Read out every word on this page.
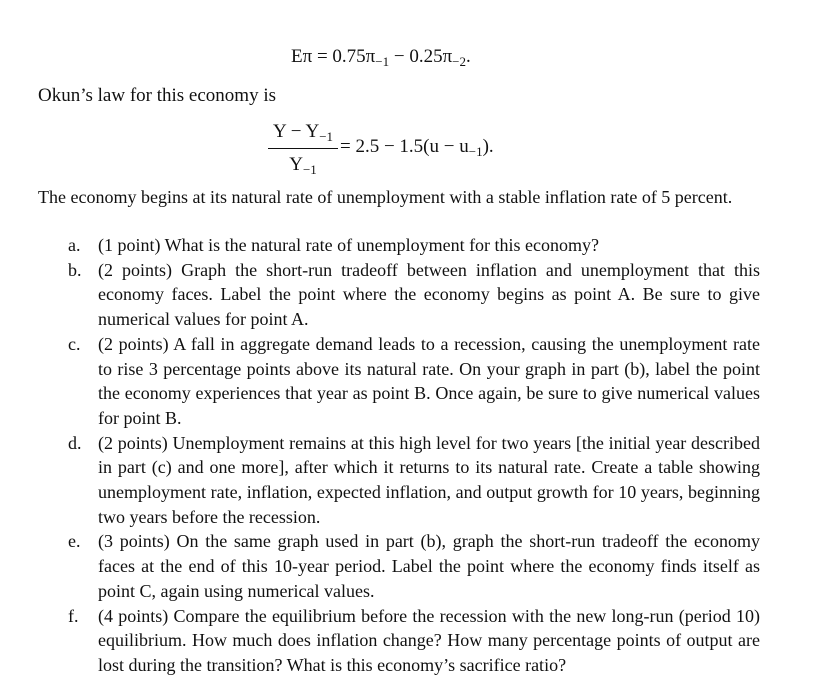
$E\pi = 0.75\pi_{-1} - 0.25\pi_{-2}$.
Okun’s law for this economy is
$Y - Y_{-1}$
$Y_{-1}$
= $2.5 - 1.5(u - u_{-1})$.
The economy begins at its natural rate of unemployment with a stable inflation rate of 5 percent.
a. (1 point) What is the natural rate of unemployment for this economy?
b. (2 points) Graph the short-run tradeoff between inflation and unemployment that this economy faces. Label the point where the economy begins as point A. Be sure to give numerical values for point A.
c. (2 points) A fall in aggregate demand leads to a recession, causing the unemployment rate to rise 3 percentage points above its natural rate. On your graph in part (b), label the point the economy experiences that year as point B. Once again, be sure to give numerical values for point B.
d. (2 points) Unemployment remains at this high level for two years [the initial year described in part (c) and one more], after which it returns to its natural rate. Create a table showing unemployment rate, inflation, expected inflation, and output growth for 10 years, beginning two years before the recession.
e. (3 points) On the same graph used in part (b), graph the short-run tradeoff the economy faces at the end of this 10-year period. Label the point where the economy finds itself as point C, again using numerical values.
f.	(4 points) Compare the equilibrium before the recession with the new long-run (period 10) equilibrium. How much does inflation change? How many percentage points of output are lost during the transition? What is this economy’s sacrifice ratio?
